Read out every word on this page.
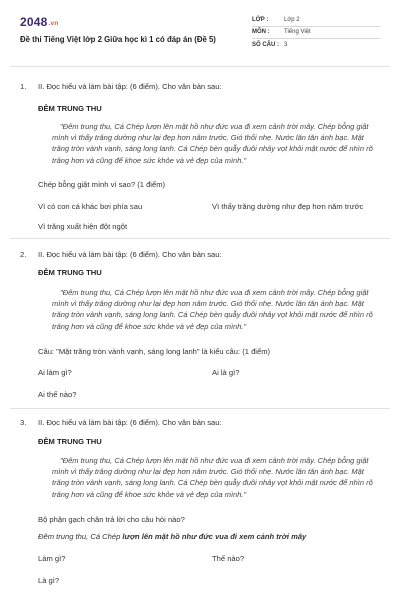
2048.vn
Đề thi Tiếng Việt lớp 2 Giữa học kì 1 có đáp án (Đề 5)
LỚP :	Lớp 2
MÔN :	Tiếng Việt
SỐ CÂU : 3
1. II. Đọc hiểu và làm bài tập: (6 điểm). Cho văn bản sau:
ĐÊM TRUNG THU
"Đêm trung thu, Cá Chép lượn lên mặt hồ như đức vua đi xem cảnh trời mây. Chép bỗng giật mình vì thấy trăng dường như lại đẹp hơn năm trước. Gió thổi nhẹ. Nước lăn tăn ánh bạc. Mặt trăng tròn vành vạnh, sáng long lanh. Cá Chép bèn quẫy đuôi nhảy vọt khỏi mặt nước để nhìn rõ trăng hơn và cũng để khoe sức khỏe và vẻ đẹp của mình."
Chép bỗng giật mình vì sao? (1 điểm)
Vì có con cá khác bơi phía sau	Vì thấy trăng dường như đẹp hơn năm trước
Vì trăng xuất hiện đột ngột
2. II. Đọc hiểu và làm bài tập: (6 điểm). Cho văn bản sau:
ĐÊM TRUNG THU
"Đêm trung thu, Cá Chép lượn lên mặt hồ như đức vua đi xem cảnh trời mây. Chép bỗng giật mình vì thấy trăng dường như lại đẹp hơn năm trước. Gió thổi nhẹ. Nước lăn tăn ánh bạc. Mặt trăng tròn vành vạnh, sáng long lanh. Cá Chép bèn quẫy đuôi nhảy vọt khỏi mặt nước để nhìn rõ trăng hơn và cũng để khoe sức khỏe và vẻ đẹp của mình."
Câu: "Mặt trăng tròn vành vạnh, sáng long lanh" là kiểu câu: (1 điểm)
Ai làm gì?	Ai là gì?
Ai thế nào?
3. II. Đọc hiểu và làm bài tập: (6 điểm). Cho văn bản sau:
ĐÊM TRUNG THU
"Đêm trung thu, Cá Chép lượn lên mặt hồ như đức vua đi xem cảnh trời mây. Chép bỗng giật mình vì thấy trăng dường như lại đẹp hơn năm trước. Gió thổi nhẹ. Nước lăn tăn ánh bạc. Mặt trăng tròn vành vạnh, sáng long lanh. Cá Chép bèn quẫy đuôi nhảy vọt khỏi mặt nước để nhìn rõ trăng hơn và cũng để khoe sức khỏe và vẻ đẹp của mình."
Bộ phận gạch chân trả lời cho câu hỏi nào?
Đêm trung thu, Cá Chép lượn lên mặt hồ như đức vua đi xem cảnh trời mây
Làm gì?	Thế nào?
Là gì?
